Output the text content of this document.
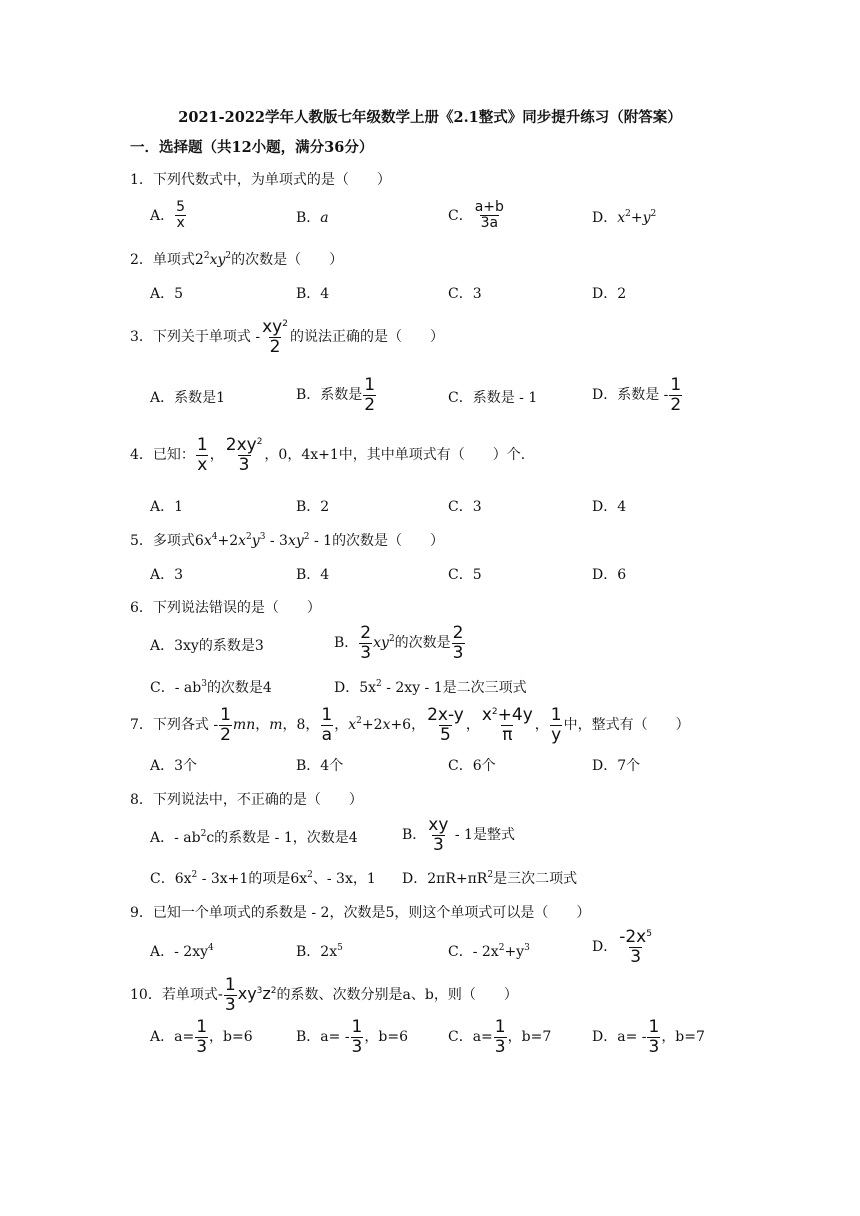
2021-2022学年人教版七年级数学上册《2.1整式》同步提升练习（附答案）
一．选择题（共12小题，满分36分）
1．下列代数式中，为单项式的是（　　）
A． $\frac{5}{x}$	B．a	C． $\frac{a+b}{3a}$	D．$x^2+y^2$
2．单项式$2^2xy^2$的次数是（　　）
A．5	B．4	C．3	D．2
3．下列关于单项式 - $\frac{xy^2}{2}$ 的说法正确的是（　　）
A．系数是1	B．系数是 $\frac{1}{2}$	C．系数是 - 1	D．系数是 - $\frac{1}{2}$
4．已知： $\frac{1}{x}$ ， $\frac{2xy^2}{3}$ ，0，4x+1中，其中单项式有（　　）个．
A．1	B．2	C．3	D．4
5．多项式$6x^4+2x^2y^3 - 3xy^2 - 1$的次数是（　　）
A．3	B．4	C．5	D．6
6．下列说法错误的是（　　）
A．3xy的系数是3	B． $\frac{2}{3} xy^2$的次数是 $\frac{2}{3}$
C．- $ab^3$的次数是4	D．$5x^2 - 2xy - 1$是二次三项式
7．下列各式 - $\frac{1}{2}$ mn，m，8， $\frac{1}{a}$ ，$x^2+2x+6$， $\frac{2x-y}{5}$ ， $\frac{x^2+4y}{\pi}$ ， $\frac{1}{y}$ 中，整式有（　　）
A．3个	B．4个	C．6个	D．7个
8．下列说法中，不正确的是（　　）
A．- $ab^2c$的系数是 - 1，次数是4	B． $\frac{xy}{3} - 1$是整式
C．$6x^2 - 3x+1$的项是$6x^2$、- 3x，1 D．$2\pi R+\pi R^2$是三次二项式
9．已知一个单项式的系数是 - 2，次数是5，则这个单项式可以是（　　）
A．- $2xy^4$	B．$2x^5$	C．- $2x^2+y^3$	D． $\frac{-2x^5}{3}$
10．若单项式- $\frac{1}{3} xy^3z^2$的系数、次数分别是a、b，则（　　）
A．$a= \frac{1}{3}$ ，b=6	B．$a= - \frac{1}{3}$ ，b=6	C．$a= \frac{1}{3}$ ，b=7	D．$a= - \frac{1}{3}$ ，b=7
